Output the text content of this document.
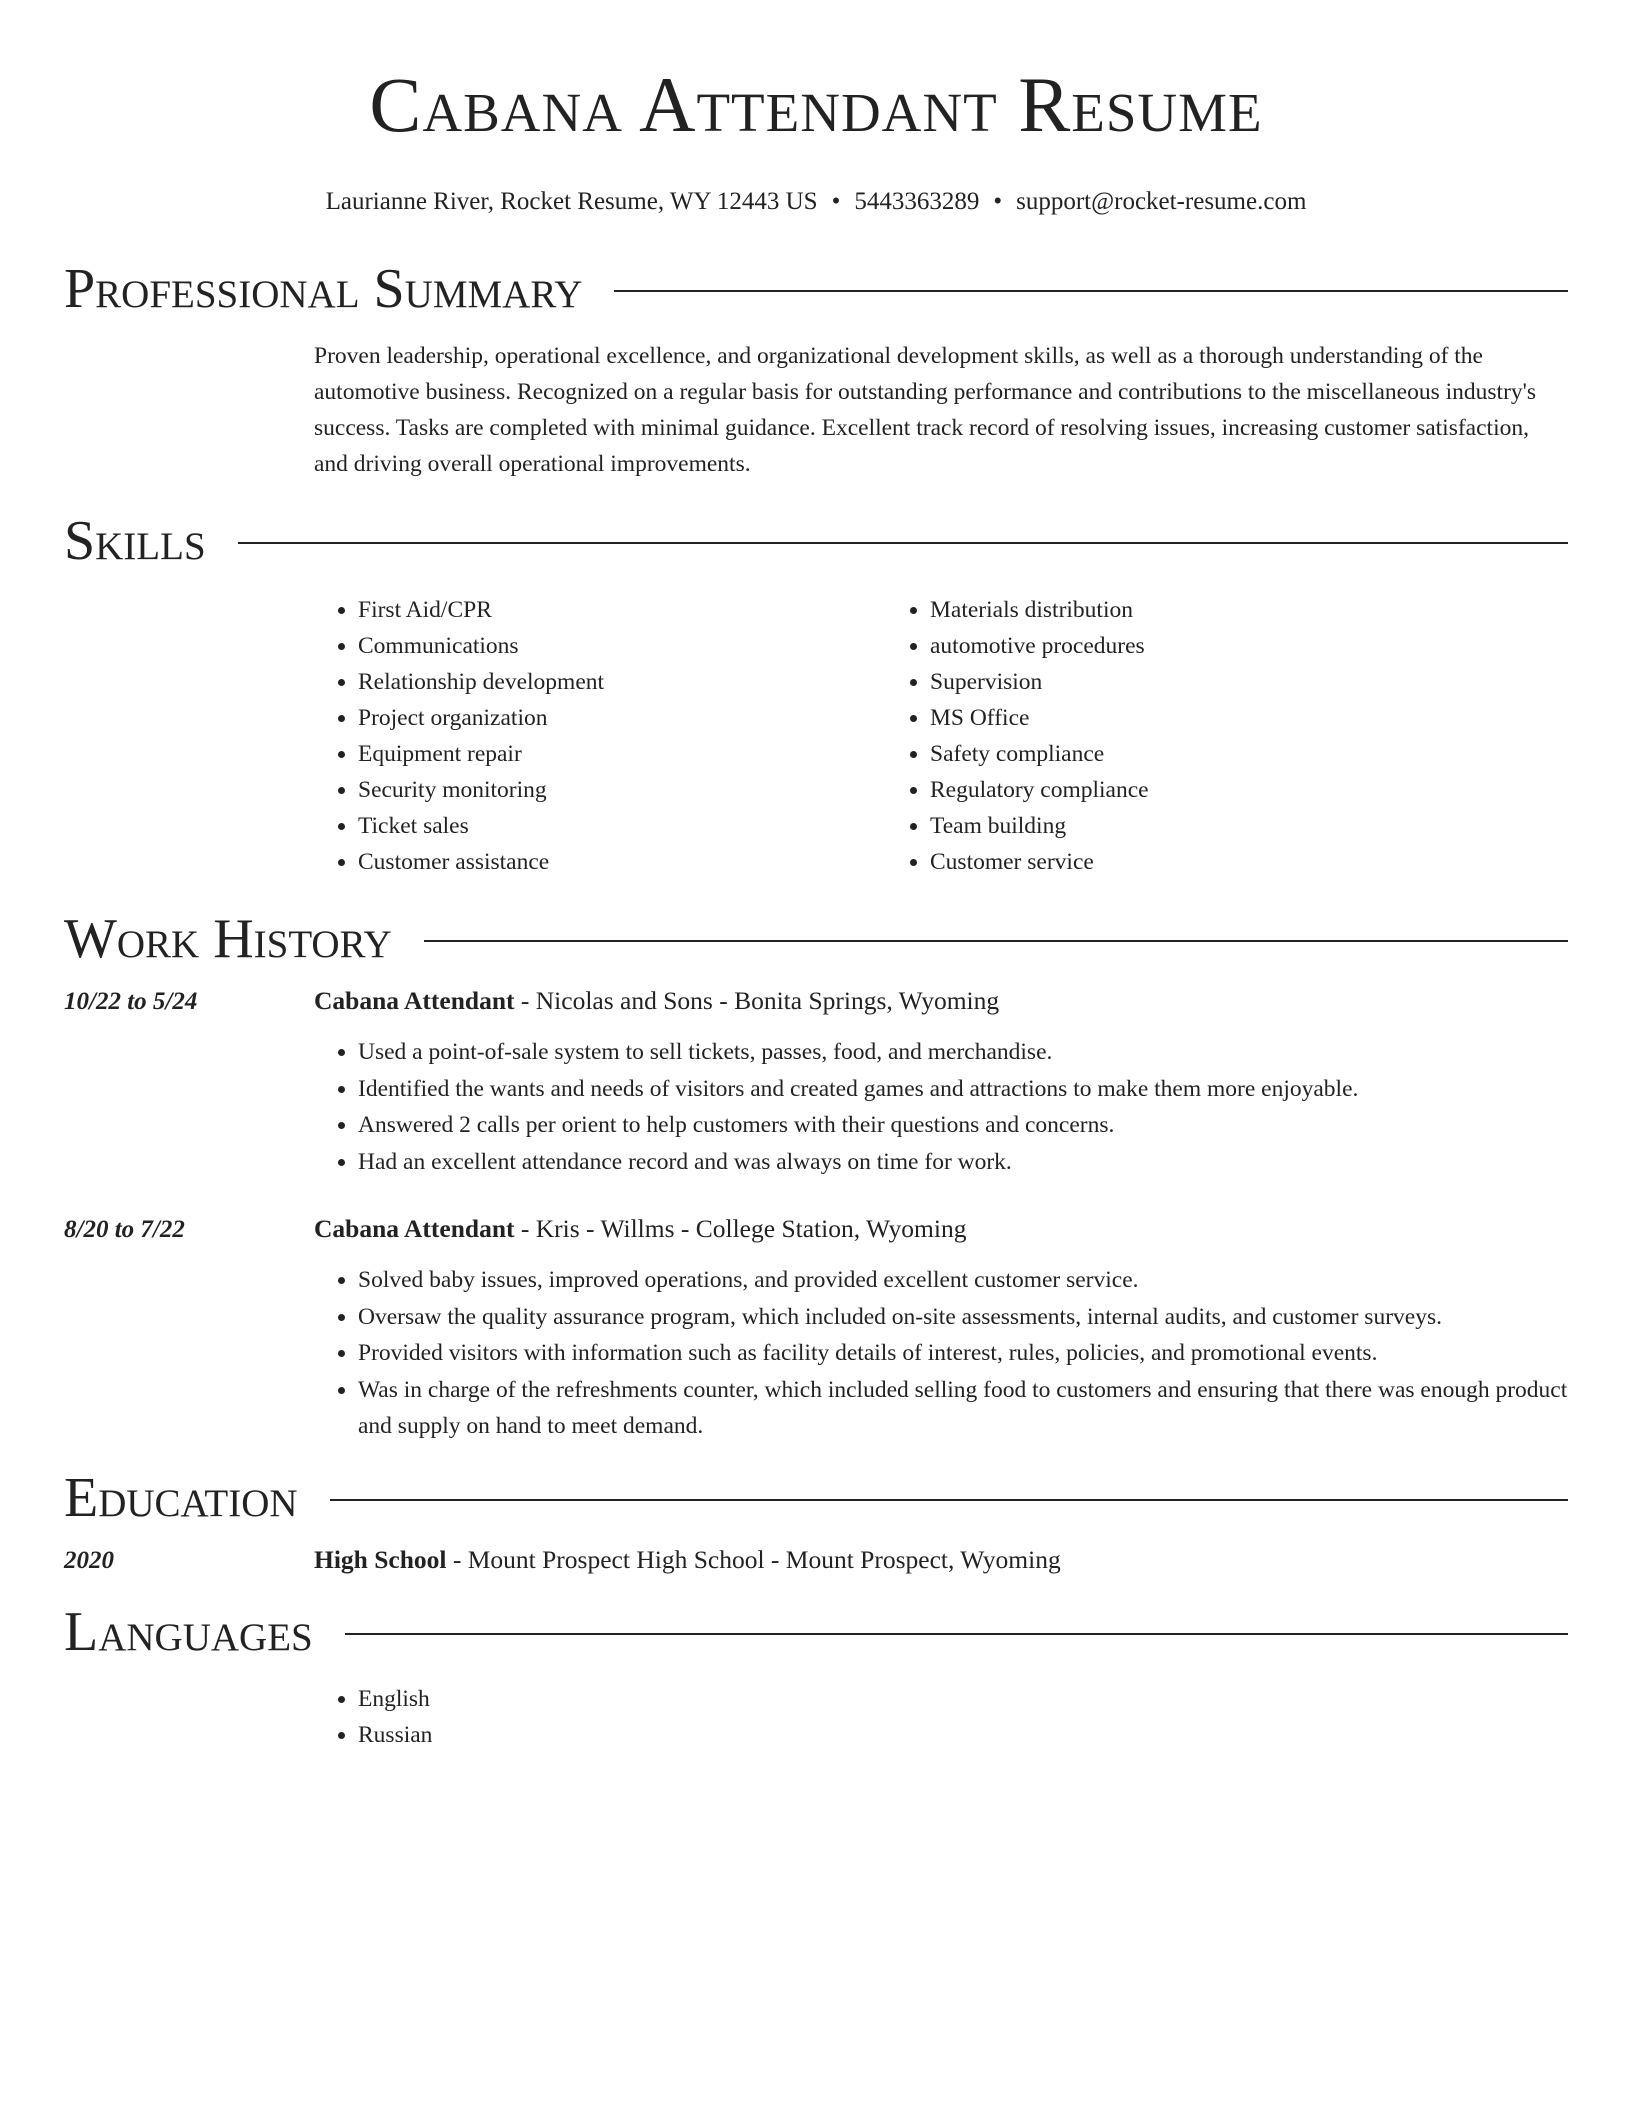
Cabana Attendant Resume
Laurianne River, Rocket Resume, WY 12443 US • 5443363289 • support@rocket-resume.com
Professional Summary
Proven leadership, operational excellence, and organizational development skills, as well as a thorough understanding of the automotive business. Recognized on a regular basis for outstanding performance and contributions to the miscellaneous industry's success. Tasks are completed with minimal guidance. Excellent track record of resolving issues, increasing customer satisfaction, and driving overall operational improvements.
Skills
• First Aid/CPR
• Communications
• Relationship development
• Project organization
• Equipment repair
• Security monitoring
• Ticket sales
• Customer assistance
• Materials distribution
• automotive procedures
• Supervision
• MS Office
• Safety compliance
• Regulatory compliance
• Team building
• Customer service
Work History
10/22 to 5/24	Cabana Attendant - Nicolas and Sons - Bonita Springs, Wyoming
• Used a point-of-sale system to sell tickets, passes, food, and merchandise.
• Identified the wants and needs of visitors and created games and attractions to make them more enjoyable.
• Answered 2 calls per orient to help customers with their questions and concerns.
• Had an excellent attendance record and was always on time for work.
8/20 to 7/22	Cabana Attendant - Kris - Willms - College Station, Wyoming
• Solved baby issues, improved operations, and provided excellent customer service.
• Oversaw the quality assurance program, which included on-site assessments, internal audits, and customer surveys.
• Provided visitors with information such as facility details of interest, rules, policies, and promotional events.
• Was in charge of the refreshments counter, which included selling food to customers and ensuring that there was enough product and supply on hand to meet demand.
Education
2020	High School - Mount Prospect High School - Mount Prospect, Wyoming
Languages
• English
• Russian
